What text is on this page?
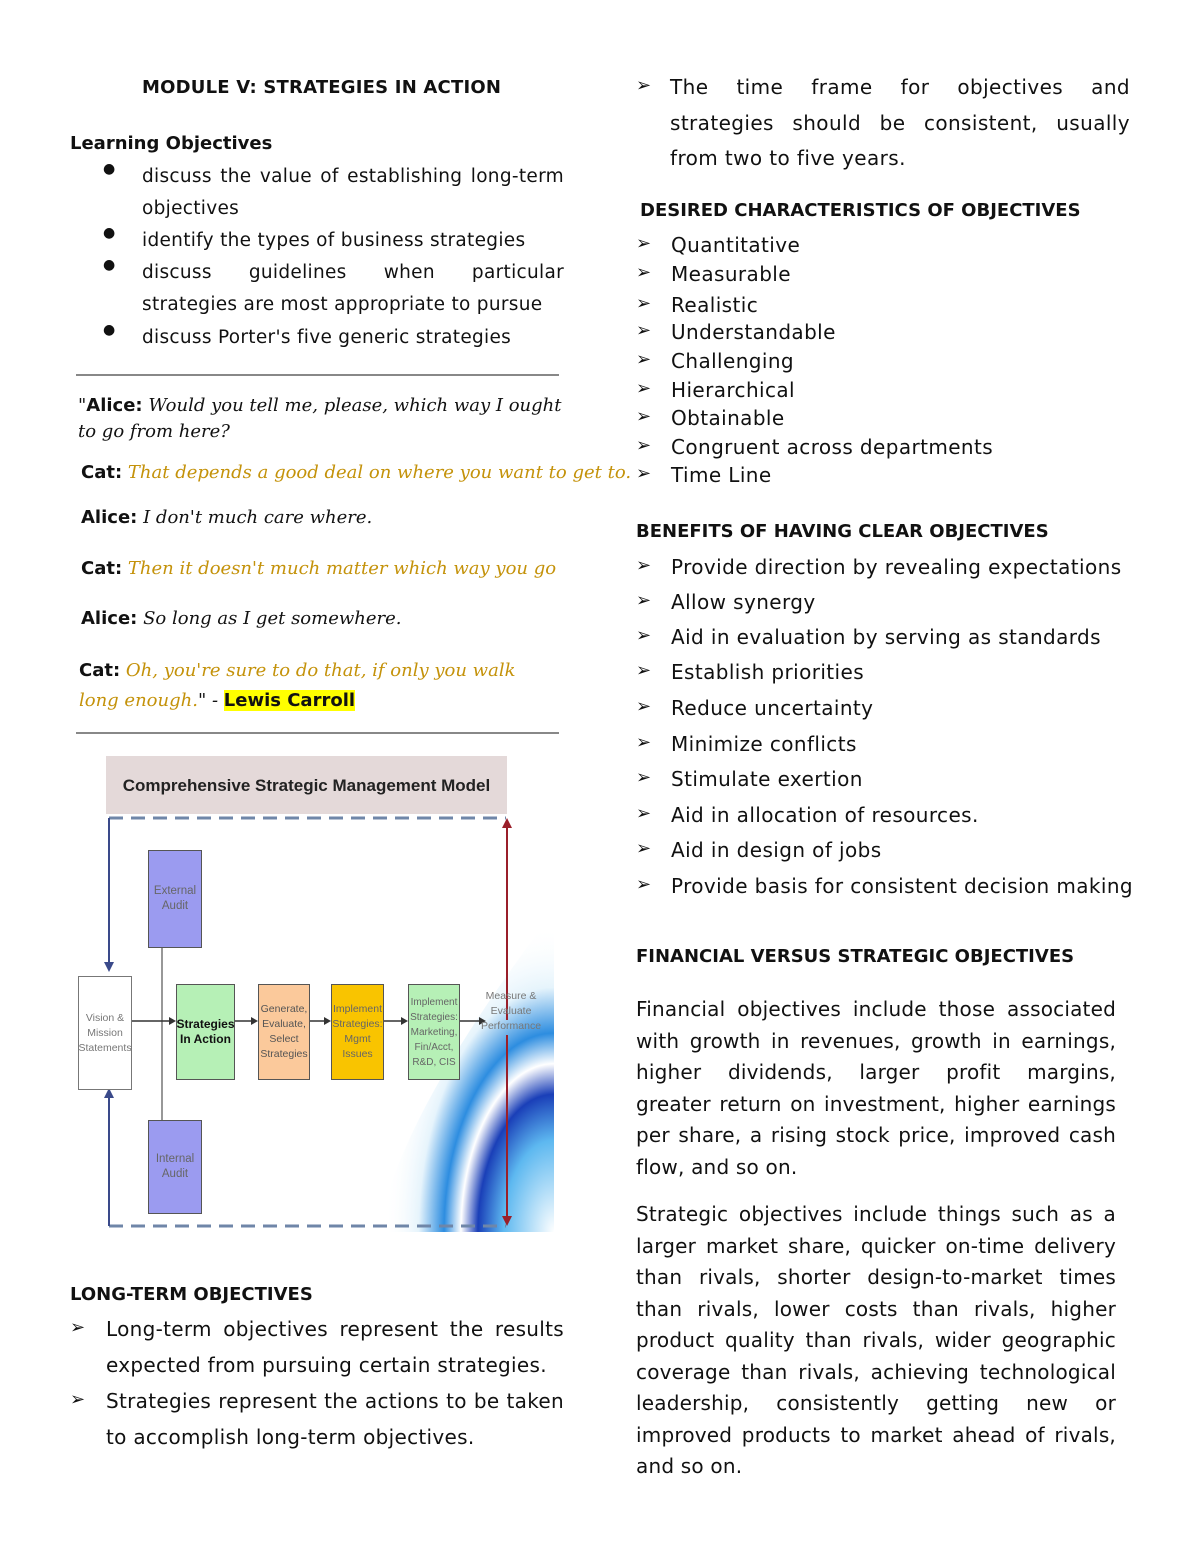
MODULE V: STRATEGIES IN ACTION
Learning Objectives
● discuss the value of establishing long-term objectives
● identify the types of business strategies
● discuss guidelines when particular strategies are most appropriate to pursue
● discuss Porter's five generic strategies
"Alice: Would you tell me, please, which way I ought to go from here?
Cat: That depends a good deal on where you want to get to.
Alice: I don't much care where.
Cat: Then it doesn't much matter which way you go
Alice: So long as I get somewhere.
Cat: Oh, you're sure to do that, if only you walk long enough." - Lewis Carroll
Comprehensive Strategic Management Model
External Audit
Internal Audit
Vision & Mission Statements
Strategies In Action
Generate, Evaluate, Select Strategies
Implement Strategies: Mgmt Issues
Implement Strategies: Marketing, Fin/Acct, R&D, CIS
Measure & Evaluate Performance
LONG-TERM OBJECTIVES
➢ Long-term objectives represent the results expected from pursuing certain strategies.
➢ Strategies represent the actions to be taken to accomplish long-term objectives.
➢ The time frame for objectives and strategies should be consistent, usually from two to five years.
DESIRED CHARACTERISTICS OF OBJECTIVES
➢ Quantitative
➢ Measurable
➢ Realistic
➢ Understandable
➢ Challenging
➢ Hierarchical
➢ Obtainable
➢ Congruent across departments
➢ Time Line
BENEFITS OF HAVING CLEAR OBJECTIVES
➢ Provide direction by revealing expectations
➢ Allow synergy
➢ Aid in evaluation by serving as standards
➢ Establish priorities
➢ Reduce uncertainty
➢ Minimize conflicts
➢ Stimulate exertion
➢ Aid in allocation of resources.
➢ Aid in design of jobs
➢ Provide basis for consistent decision making
FINANCIAL VERSUS STRATEGIC OBJECTIVES
Financial objectives include those associated with growth in revenues, growth in earnings, higher dividends, larger profit margins, greater return on investment, higher earnings per share, a rising stock price, improved cash flow, and so on.
Strategic objectives include things such as a larger market share, quicker on-time delivery than rivals, shorter design-to-market times than rivals, lower costs than rivals, higher product quality than rivals, wider geographic coverage than rivals, achieving technological leadership, consistently getting new or improved products to market ahead of rivals, and so on.
